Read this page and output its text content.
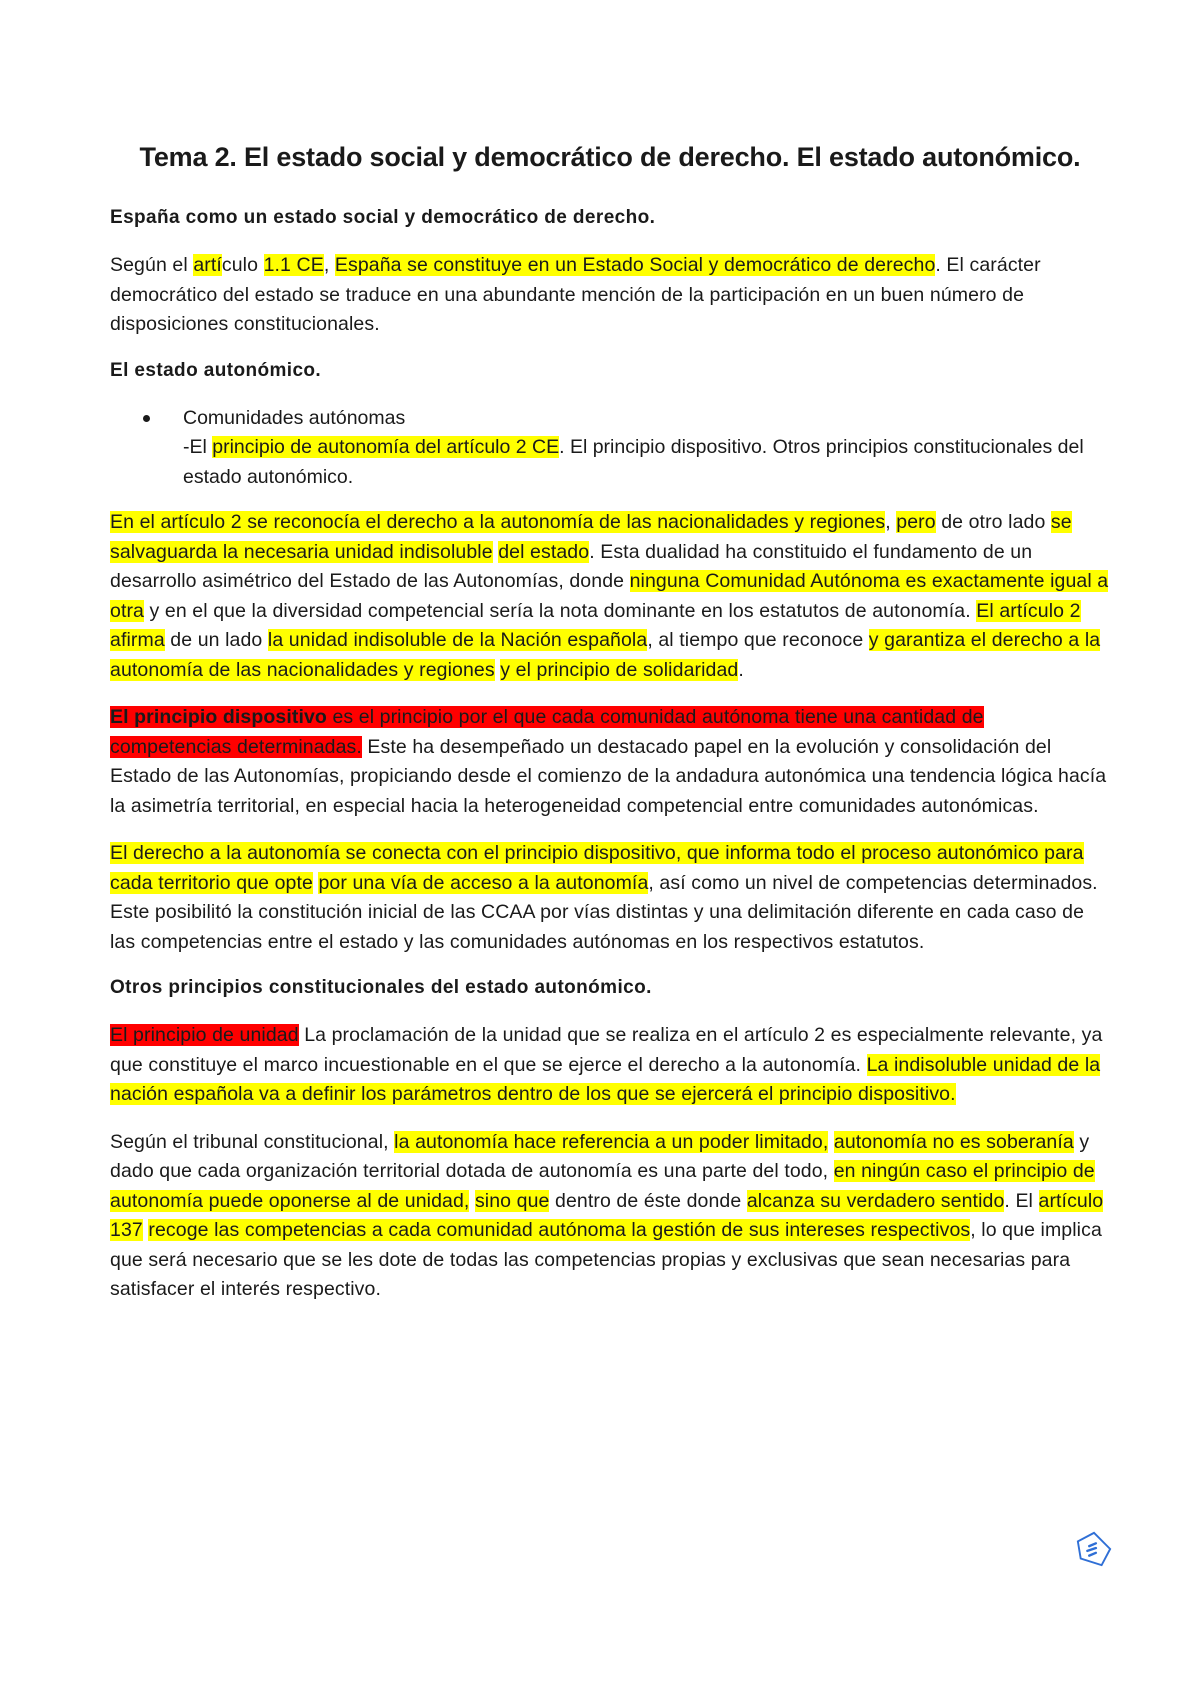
Tema 2. El estado social y democrático de derecho. El estado autonómico.
España como un estado social y democrático de derecho.

Según el artículo 1.1 CE, España se constituye en un Estado Social y democrático de derecho. El carácter democrático del estado se traduce en una abundante mención de la participación en un buen número de disposiciones constitucionales.

El estado autonómico.
Comunidades autónomas
-El principio de autonomía del artículo 2 CE. El principio dispositivo. Otros principios constitucionales del estado autonómico.

En el artículo 2 se reconocía el derecho a la autonomía de las nacionalidades y regiones, pero de otro lado se salvaguarda la necesaria unidad indisoluble del estado. Esta dualidad ha constituido el fundamento de un desarrollo asimétrico del Estado de las Autonomías, donde ninguna Comunidad Autónoma es exactamente igual a otra y en el que la diversidad competencial sería la nota dominante en los estatutos de autonomía. El artículo 2 afirma de un lado la unidad indisoluble de la Nación española, al tiempo que reconoce y garantiza el derecho a la autonomía de las nacionalidades y regiones y el principio de solidaridad.

El principio dispositivo es el principio por el que cada comunidad autónoma tiene una cantidad de competencias determinadas. Este ha desempeñado un destacado papel en la evolución y consolidación del Estado de las Autonomías, propiciando desde el comienzo de la andadura autonómica una tendencia lógica hacía la asimetría territorial, en especial hacia la heterogeneidad competencial entre comunidades autonómicas.

El derecho a la autonomía se conecta con el principio dispositivo, que informa todo el proceso autonómico para cada territorio que opte por una vía de acceso a la autonomía, así como un nivel de competencias determinados. Este posibilitó la constitución inicial de las CCAA por vías distintas y una delimitación diferente en cada caso de las competencias entre el estado y las comunidades autónomas en los respectivos estatutos.

Otros principios constitucionales del estado autonómico.

El principio de unidad La proclamación de la unidad que se realiza en el artículo 2 es especialmente relevante, ya que constituye el marco incuestionable en el que se ejerce el derecho a la autonomía. La indisoluble unidad de la nación española va a definir los parámetros dentro de los que se ejercerá el principio dispositivo.

Según el tribunal constitucional, la autonomía hace referencia a un poder limitado, autonomía no es soberanía y dado que cada organización territorial dotada de autonomía es una parte del todo, en ningún caso el principio de autonomía puede oponerse al de unidad, sino que dentro de éste donde alcanza su verdadero sentido. El artículo 137 recoge las competencias a cada comunidad autónoma la gestión de sus intereses respectivos, lo que implica que será necesario que se les dote de todas las competencias propias y exclusivas que sean necesarias para satisfacer el interés respectivo.
